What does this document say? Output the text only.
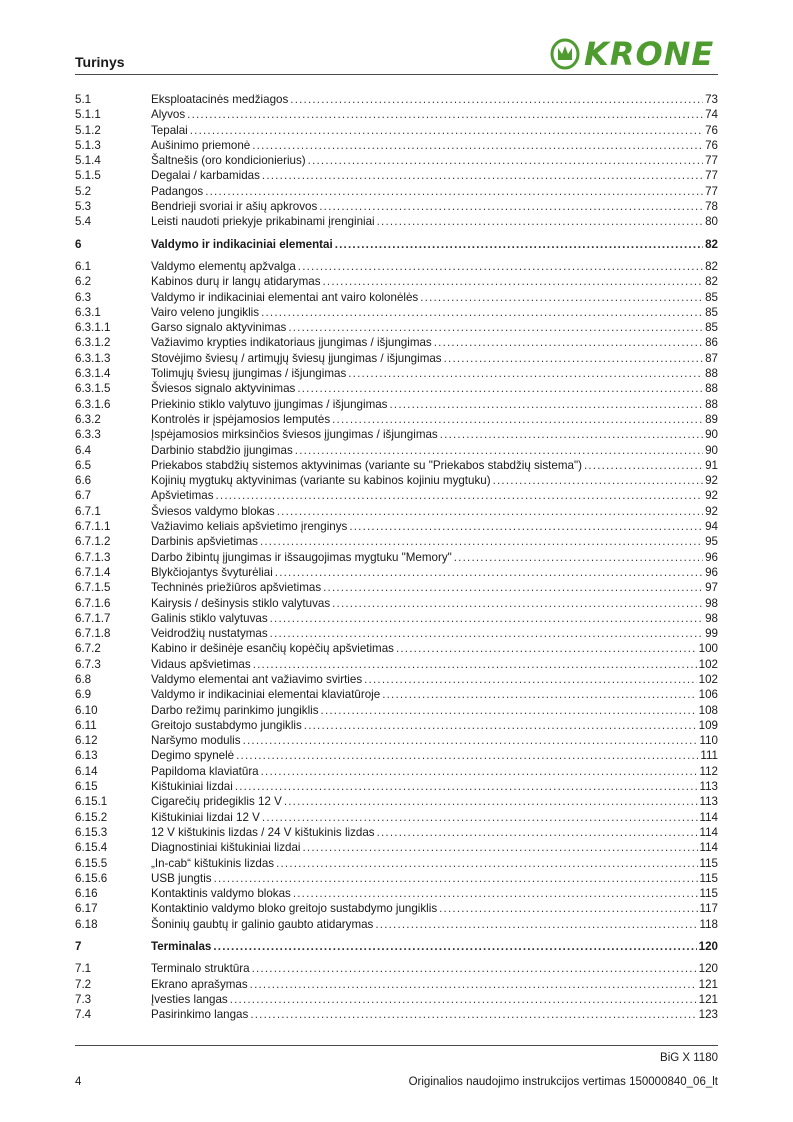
Turinys	KRONE
5.1	Eksploatacinės medžiagos .....	73
5.1.1	Alyvos .....	74
5.1.2	Tepalai .....	76
5.1.3	Aušinimo priemonė .....	76
5.1.4	Šaltnešis (oro kondicionierius) .....	77
5.1.5	Degalai / karbamidas .....	77
5.2	Padangos .....	77
5.3	Bendrieji svoriai ir ašių apkrovos .....	78
5.4	Leisti naudoti priekyje prikabinami įrenginiai .....	80
6	Valdymo ir indikaciniai elementai .....	82
6.1	Valdymo elementų apžvalga .....	82
6.2	Kabinos durų ir langų atidarymas .....	82
6.3	Valdymo ir indikaciniai elementai ant vairo kolonėlės .....	85
6.3.1	Vairo veleno jungiklis .....	85
6.3.1.1	Garso signalo aktyvinimas .....	85
6.3.1.2	Važiavimo krypties indikatoriaus įjungimas / išjungimas .....	86
6.3.1.3	Stovėjimo šviesų / artimųjų šviesų įjungimas / išjungimas .....	87
6.3.1.4	Tolimųjų šviesų įjungimas / išjungimas .....	88
6.3.1.5	Šviesos signalo aktyvinimas .....	88
6.3.1.6	Priekinio stiklo valytuvo įjungimas / išjungimas .....	88
6.3.2	Kontrolės ir įspėjamosios lemputės .....	89
6.3.3	Įspėjamosios mirksinčios šviesos įjungimas / išjungimas .....	90
6.4	Darbinio stabdžio įjungimas .....	90
6.5	Priekabos stabdžių sistemos aktyvinimas (variante su "Priekabos stabdžių sistema") .....	91
6.6	Kojinių mygtukų aktyvinimas (variante su kabinos kojiniu mygtuku) .....	92
6.7	Apšvietimas .....	92
6.7.1	Šviesos valdymo blokas .....	92
6.7.1.1	Važiavimo keliais apšvietimo įrenginys .....	94
6.7.1.2	Darbinis apšvietimas .....	95
6.7.1.3	Darbo žibintų įjungimas ir išsaugojimas mygtuku "Memory" .....	96
6.7.1.4	Blykčiojantys švyturėliai .....	96
6.7.1.5	Techninės priežiūros apšvietimas .....	97
6.7.1.6	Kairysis / dešinysis stiklo valytuvas .....	98
6.7.1.7	Galinis stiklo valytuvas .....	98
6.7.1.8	Veidrodžių nustatymas .....	99
6.7.2	Kabino ir dešinėje esančių kopėčių apšvietimas .....	100
6.7.3	Vidaus apšvietimas .....	102
6.8	Valdymo elementai ant važiavimo svirties .....	102
6.9	Valdymo ir indikaciniai elementai klaviatūroje .....	106
6.10	Darbo režimų parinkimo jungiklis .....	108
6.11	Greitojo sustabdymo jungiklis .....	109
6.12	Naršymo modulis .....	110
6.13	Degimo spynelė .....	111
6.14	Papildoma klaviatūra .....	112
6.15	Kištukiniai lizdai .....	113
6.15.1	Cigarečių pridegiklis 12 V .....	113
6.15.2	Kištukiniai lizdai 12 V .....	114
6.15.3	12 V kištukinis lizdas / 24 V kištukinis lizdas .....	114
6.15.4	Diagnostiniai kištukiniai lizdai .....	114
6.15.5	„In-cab“ kištukinis lizdas .....	115
6.15.6	USB jungtis .....	115
6.16	Kontaktinis valdymo blokas .....	115
6.17	Kontaktinio valdymo bloko greitojo sustabdymo jungiklis .....	117
6.18	Šoninių gaubtų ir galinio gaubto atidarymas .....	118
7	Terminalas .....	120
7.1	Terminalo struktūra .....	120
7.2	Ekrano aprašymas .....	121
7.3	Įvesties langas .....	121
7.4	Pasirinkimo langas .....	123
BiG X 1180
4	Originalios naudojimo instrukcijos vertimas 150000840_06_lt
